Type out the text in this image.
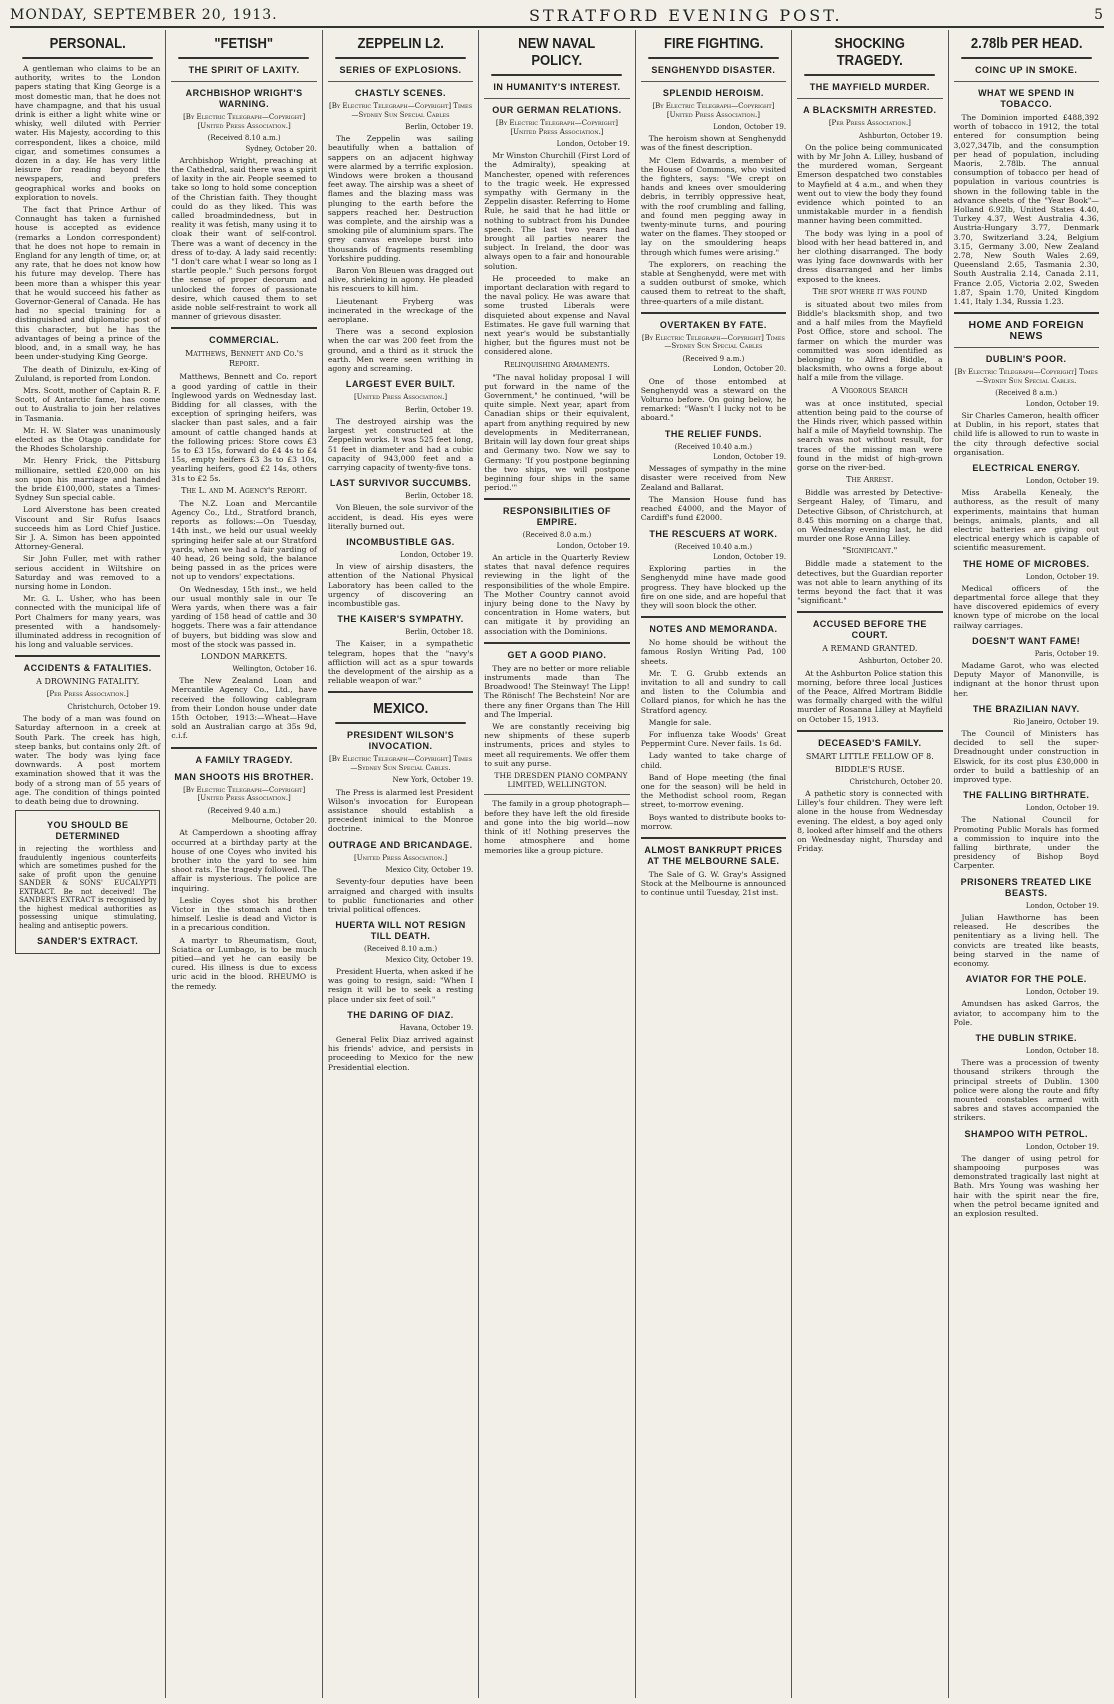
MONDAY, SEPTEMBER 20, 1913.	STRATFORD EVENING POST.	5
PERSONAL.

A gentleman who claims to be an authority, writes to the London papers stating that King George is a most domestic man, that he does not have champagne, and that his usual drink is either a light white wine or whisky, well diluted with Perrier water. His Majesty, according to this correspondent, likes a choice, mild cigar, and sometimes consumes a dozen in a day. He has very little leisure for reading beyond the newspapers, and prefers geographical works and books on exploration to novels.

The fact that Prince Arthur of Connaught has taken a furnished house is accepted as evidence (remarks a London correspondent) that he does not hope to remain in England for any length of time, or, at any rate, that he does not know how his future may develop. There has been more than a whisper this year that he would succeed his father as Governor-General of Canada. He has had no special training for a distinguished and diplomatic post of this character, but he has the advantages of being a prince of the blood, and, in a small way, he has been under-studying King George.

The death of Dinizulu, ex-King of Zululand, is reported from London.

Mrs. Scott, mother of Captain R. F. Scott, of Antarctic fame, has come out to Australia to join her relatives in Tasmania.

Mr. H. W. Slater was unanimously elected as the Otago candidate for the Rhodes Scholarship.

Mr. Henry Frick, the Pittsburg millionaire, settled £20,000 on his son upon his marriage and handed the bride £100,000, states a Times-Sydney Sun special cable.

Lord Alverstone has been created Viscount and Sir Rufus Isaacs succeeds him as Lord Chief Justice. Sir J. A. Simon has been appointed Attorney-General.

Sir John Fuller, met with rather serious accident in Wiltshire on Saturday and was removed to a nursing home in London.

Mr. G. L. Usher, who has been connected with the municipal life of Port Chalmers for many years, was presented with a handsomely-illuminated address in recognition of his long and valuable services.

ACCIDENTS & FATALITIES.
A DROWNING FATALITY.
[Per Press Association.]
Christchurch, October 19.

The body of a man was found on Saturday afternoon in a creek at South Park. The creek has high, steep banks, but contains only 2ft. of water. The body was lying face downwards. A post mortem examination showed that it was the body of a strong man of 55 years of age. The condition of things pointed to death being due to drowning.

YOU SHOULD BE DETERMINED
in rejecting the worthless and fraudulently ingenious counterfeits which are sometimes pushed for the sake of profit upon the genuine SANDER & SONS' EUCALYPTI EXTRACT. Be not deceived! The SANDER'S EXTRACT is recognised by the highest medical authorities as possessing unique stimulating, healing and antiseptic powers.
SANDER'S EXTRACT.
"FETISH"
THE SPIRIT OF LAXITY.
ARCHBISHOP WRIGHT'S WARNING.
[By Electric Telegraph—Copyright] [United Press Association.]
(Received 8.10 a.m.)
Sydney, October 20.

Archbishop Wright, preaching at the Cathedral, said there was a spirit of laxity in the air. People seemed to take so long to hold some conception of the Christian faith. They thought could do as they liked. This was called broadmindedness, but in reality it was fetish, many using it to cloak their want of self-control. There was a want of decency in the dress of to-day. A lady said recently: "I don't care what I wear so long as I startle people." Such persons forgot the sense of proper decorum and unlocked the forces of passionate desire, which caused them to set aside noble self-restraint to work all manner of grievous disaster.

COMMERCIAL.
Matthews, Bennett and Co.'s Report.

Matthews, Bennett and Co. report a good yarding of cattle in their Inglewood yards on Wednesday last. Bidding for all classes, with the exception of springing heifers, was slacker than past sales, and a fair amount of cattle changed hands at the following prices: Store cows £3 5s to £3 15s, forward do £4 4s to £4 15s, empty heifers £3 3s to £3 10s, yearling heifers, good £2 14s, others 31s to £2 5s.

The L. and M. Agency's Report.

The N.Z. Loan and Mercantile Agency Co., Ltd., Stratford branch, reports as follows:—On Tuesday, 14th inst., we held our usual weekly springing heifer sale at our Stratford yards, when we had a fair yarding of 40 head, 26 being sold, the balance being passed in as the prices were not up to vendors' expectations.

On Wednesday, 15th inst., we held our usual monthly sale in our Te Wera yards, when there was a fair yarding of 158 head of cattle and 30 hoggets. There was a fair attendance of buyers, but bidding was slow and most of the stock was passed in.

LONDON MARKETS.
Wellington, October 16.

The New Zealand Loan and Mercantile Agency Co., Ltd., have received the following cablegram from their London house under date 15th October, 1913:—Wheat—Have sold an Australian cargo at 35s 9d, c.i.f.

A FAMILY TRAGEDY.
MAN SHOOTS HIS BROTHER.
[By Electric Telegraph—Copyright] [United Press Association.]
(Received 9.40 a.m.)
Melbourne, October 20.

At Camperdown a shooting affray occurred at a birthday party at the house of one Coyes who invited his brother into the yard to see him shoot rats. The tragedy followed. The affair is mysterious. The police are inquiring.

Leslie Coyes shot his brother Victor in the stomach and then himself. Leslie is dead and Victor is in a precarious condition.

A martyr to Rheumatism, Gout, Sciatica or Lumbago, is to be much pitied—and yet he can easily be cured. His illness is due to excess uric acid in the blood. RHEUMO is the remedy.

ZEPPELIN L2.
SERIES OF EXPLOSIONS.
CHASTLY SCENES.
[By Electric Telegraph—Copyright] Times—Sydney Sun Special Cables
Berlin, October 19.

The Zeppelin was sailing beautifully when a battalion of sappers on an adjacent highway were alarmed by a terrific explosion. Windows were broken a thousand feet away. The airship was a sheet of flames and the blazing mass was plunging to the earth before the sappers reached her. Destruction was complete, and the airship was a smoking pile of aluminium spars. The grey canvas envelope burst into thousands of fragments resembling Yorkshire pudding.

Baron Von Bleuen was dragged out alive, shrieking in agony. He pleaded his rescuers to kill him.

Lieutenant Fryberg was incinerated in the wreckage of the aeroplane.

There was a second explosion when the car was 200 feet from the ground, and a third as it struck the earth. Men were seen writhing in agony and screaming.

LARGEST EVER BUILT.
[United Press Association.]
Berlin, October 19.

The destroyed airship was the largest yet constructed at the Zeppelin works. It was 525 feet long, 51 feet in diameter and had a cubic capacity of 943,000 feet and a carrying capacity of twenty-five tons.

LAST SURVIVOR SUCCUMBS.
Berlin, October 18.

Von Bleuen, the sole survivor of the accident, is dead. His eyes were literally burned out.

INCOMBUSTIBLE GAS.
London, October 19.

In view of airship disasters, the attention of the National Physical Laboratory has been called to the urgency of discovering an incombustible gas.

THE KAISER'S SYMPATHY.
Berlin, October 18.

The Kaiser, in a sympathetic telegram, hopes that the "navy's affliction will act as a spur towards the development of the airship as a reliable weapon of war."

MEXICO.
PRESIDENT WILSON'S INVOCATION.
[By Electric Telegraph—Copyright] Times—Sydney Sun Special Cables.
New York, October 19.

The Press is alarmed lest President Wilson's invocation for European assistance should establish a precedent inimical to the Monroe doctrine.

OUTRAGE AND BRICANDAGE.
[United Press Association.]
Mexico City, October 19.

Seventy-four deputies have been arraigned and charged with insults to public functionaries and other trivial political offences.

HUERTA WILL NOT RESIGN TILL DEATH.
(Received 8.10 a.m.)
Mexico City, October 19.

President Huerta, when asked if he was going to resign, said: "When I resign it will be to seek a resting place under six feet of soil."

THE DARING OF DIAZ.
Havana, October 19.

General Felix Diaz arrived against his friends' advice, and persists in proceeding to Mexico for the new Presidential election.

NEW NAVAL POLICY.
IN HUMANITY'S INTEREST.
OUR GERMAN RELATIONS.
[By Electric Telegraph—Copyright] [United Press Association.]
London, October 19.

Mr Winston Churchill (First Lord of the Admiralty), speaking at Manchester, opened with references to the tragic week. He expressed sympathy with Germany in the Zeppelin disaster. Referring to Home Rule, he said that he had little or nothing to subtract from his Dundee speech. The last two years had brought all parties nearer the subject. In Ireland, the door was always open to a fair and honourable solution.

He proceeded to make an important declaration with regard to the naval policy. He was aware that some trusted Liberals were disquieted about expense and Naval Estimates. He gave full warning that next year's would be substantially higher, but the figures must not be considered alone.

Relinquishing Armaments.

"The naval holiday proposal I will put forward in the name of the Government," he continued, "will be quite simple. Next year, apart from Canadian ships or their equivalent, apart from anything required by new developments in Mediterranean, Britain will lay down four great ships and Germany two. Now we say to Germany: 'If you postpone beginning the two ships, we will postpone beginning four ships in the same period.'"

RESPONSIBILITIES OF EMPIRE.
(Received 8.0 a.m.)
London, October 19.

An article in the Quarterly Review states that naval defence requires reviewing in the light of the responsibilities of the whole Empire. The Mother Country cannot avoid injury being done to the Navy by concentration in Home waters, but can mitigate it by providing an association with the Dominions.

GET A GOOD PIANO.

They are no better or more reliable instruments made than The Broadwood! The Steinway! The Lipp! The Rönisch! The Bechstein! Nor are there any finer Organs than The Hill and The Imperial.

We are constantly receiving big new shipments of these superb instruments, prices and styles to meet all requirements. We offer them to suit any purse.

THE DRESDEN PIANO COMPANY LIMITED, WELLINGTON.

The family in a group photograph—before they have left the old fireside and gone into the big world—now think of it! Nothing preserves the home atmosphere and home memories like a group picture.

FIRE FIGHTING.
SENGHENYDD DISASTER.
SPLENDID HEROISM.
[By Electric Telegraph—Copyright] [United Press Association.]
London, October 19.

The heroism shown at Senghenydd was of the finest description.

Mr Clem Edwards, a member of the House of Commons, who visited the fighters, says: "We crept on hands and knees over smouldering debris, in terribly oppressive heat, with the roof crumbling and falling, and found men pegging away in twenty-minute turns, and pouring water on the flames. They stooped or lay on the smouldering heaps through which fumes were arising."

The explorers, on reaching the stable at Senghenydd, were met with a sudden outburst of smoke, which caused them to retreat to the shaft, three-quarters of a mile distant.

OVERTAKEN BY FATE.
[By Electric Telegraph—Copyright] Times—Sydney Sun Special Cables
(Received 9 a.m.)
London, October 20.

One of those entombed at Senghenydd was a steward on the Volturno before. On going below, he remarked: "Wasn't I lucky not to be aboard."

THE RELIEF FUNDS.
(Received 10.40 a.m.)
London, October 19.

Messages of sympathy in the mine disaster were received from New Zealand and Ballarat.

The Mansion House fund has reached £4000, and the Mayor of Cardiff's fund £2000.

THE RESCUERS AT WORK.
(Received 10.40 a.m.)
London, October 19.

Exploring parties in the Senghenydd mine have made good progress. They have blocked up the fire on one side, and are hopeful that they will soon block the other.

NOTES AND MEMORANDA.

No home should be without the famous Roslyn Writing Pad, 100 sheets.

Mr. T. G. Grubb extends an invitation to all and sundry to call and listen to the Columbia and Collard pianos, for which he has the Stratford agency.

Mangle for sale.

For influenza take Woods' Great Peppermint Cure. Never fails. 1s 6d.

Lady wanted to take charge of child.

Band of Hope meeting (the final one for the season) will be held in the Methodist school room, Regan street, to-morrow evening.

Boys wanted to distribute books to-morrow.

ALMOST BANKRUPT PRICES AT THE MELBOURNE SALE.

The Sale of G. W. Gray's Assigned Stock at the Melbourne is announced to continue until Tuesday, 21st inst.

SHOCKING TRAGEDY.
THE MAYFIELD MURDER.
A BLACKSMITH ARRESTED.
[Per Press Association.]
Ashburton, October 19.

On the police being communicated with by Mr John A. Lilley, husband of the murdered woman, Sergeant Emerson despatched two constables to Mayfield at 4 a.m., and when they went out to view the body they found evidence which pointed to an unmistakable murder in a fiendish manner having been committed.

The body was lying in a pool of blood with her head battered in, and her clothing disarranged. The body was lying face downwards with her dress disarranged and her limbs exposed to the knees.

The spot where it was found

is situated about two miles from Biddle's blacksmith shop, and two and a half miles from the Mayfield Post Office, store and school. The farmer on which the murder was committed was soon identified as belonging to Alfred Biddle, a blacksmith, who owns a forge about half a mile from the village.

A Vigorous Search

was at once instituted, special attention being paid to the course of the Hinds river, which passed within half a mile of Mayfield township. The search was not without result, for traces of the missing man were found in the midst of high-grown gorse on the river-bed.

The Arrest.

Biddle was arrested by Detective-Sergeant Haley, of Timaru, and Detective Gibson, of Christchurch, at 8.45 this morning on a charge that, on Wednesday evening last, he did murder one Rose Anna Lilley.

"Significant."

Biddle made a statement to the detectives, but the Guardian reporter was not able to learn anything of its terms beyond the fact that it was "significant."

ACCUSED BEFORE THE COURT.
A REMAND GRANTED.
Ashburton, October 20.

At the Ashburton Police station this morning, before three local Justices of the Peace, Alfred Mortram Biddle was formally charged with the wilful murder of Rosanna Lilley at Mayfield on October 15, 1913.

DECEASED'S FAMILY.
SMART LITTLE FELLOW OF 8.
BIDDLE'S RUSE.
Christchurch, October 20.

A pathetic story is connected with Lilley's four children. They were left alone in the house from Wednesday evening. The eldest, a boy aged only 8, looked after himself and the others on Wednesday night, Thursday and Friday.

2.78lb PER HEAD.
COINC UP IN SMOKE.
WHAT WE SPEND IN TOBACCO.

The Dominion imported £488,392 worth of tobacco in 1912, the total entered for consumption being 3,027,347lb, and the consumption per head of population, including Maoris, 2.78lb. The annual consumption of tobacco per head of population in various countries is shown in the following table in the advance sheets of the "Year Book"—Holland 6.92lb, United States 4.40, Turkey 4.37, West Australia 4.36, Austria-Hungary 3.77, Denmark 3.70, Switzerland 3.24, Belgium 3.15, Germany 3.00, New Zealand 2.78, New South Wales 2.69, Queensland 2.65, Tasmania 2.30, South Australia 2.14, Canada 2.11, France 2.05, Victoria 2.02, Sweden 1.87, Spain 1.70, United Kingdom 1.41, Italy 1.34, Russia 1.23.

HOME AND FOREIGN NEWS
DUBLIN'S POOR.
[By Electric Telegraph—Copyright] Times—Sydney Sun Special Cables.
(Received 8 a.m.)
London, October 19.

Sir Charles Cameron, health officer at Dublin, in his report, states that child life is allowed to run to waste in the city through defective social organisation.

ELECTRICAL ENERGY.
London, October 19.

Miss Arabella Kenealy, the authoress, as the result of many experiments, maintains that human beings, animals, plants, and all electric batteries are giving out electrical energy which is capable of scientific measurement.

THE HOME OF MICROBES.
London, October 19.

Medical officers of the departmental force allege that they have discovered epidemics of every known type of microbe on the local railway carriages.

DOESN'T WANT FAME!
Paris, October 19.

Madame Garot, who was elected Deputy Mayor of Manonville, is indignant at the honor thrust upon her.

THE BRAZILIAN NAVY.
Rio Janeiro, October 19.

The Council of Ministers has decided to sell the super-Dreadnought under construction in Elswick, for its cost plus £30,000 in order to build a battleship of an improved type.

THE FALLING BIRTHRATE.
London, October 19.

The National Council for Promoting Public Morals has formed a commission to inquire into the falling birthrate, under the presidency of Bishop Boyd Carpenter.

PRISONERS TREATED LIKE BEASTS.
London, October 19.

Julian Hawthorne has been released. He describes the penitentiary as a living hell. The convicts are treated like beasts, being starved in the name of economy.

AVIATOR FOR THE POLE.
London, October 19.

Amundsen has asked Garros, the aviator, to accompany him to the Pole.

THE DUBLIN STRIKE.
London, October 18.

There was a procession of twenty thousand strikers through the principal streets of Dublin. 1300 police were along the route and fifty mounted constables armed with sabres and staves accompanied the strikers.

SHAMPOO WITH PETROL.
London, October 19.

The danger of using petrol for shampooing purposes was demonstrated tragically last night at Bath. Mrs Young was washing her hair with the spirit near the fire, when the petrol became ignited and an explosion resulted.
